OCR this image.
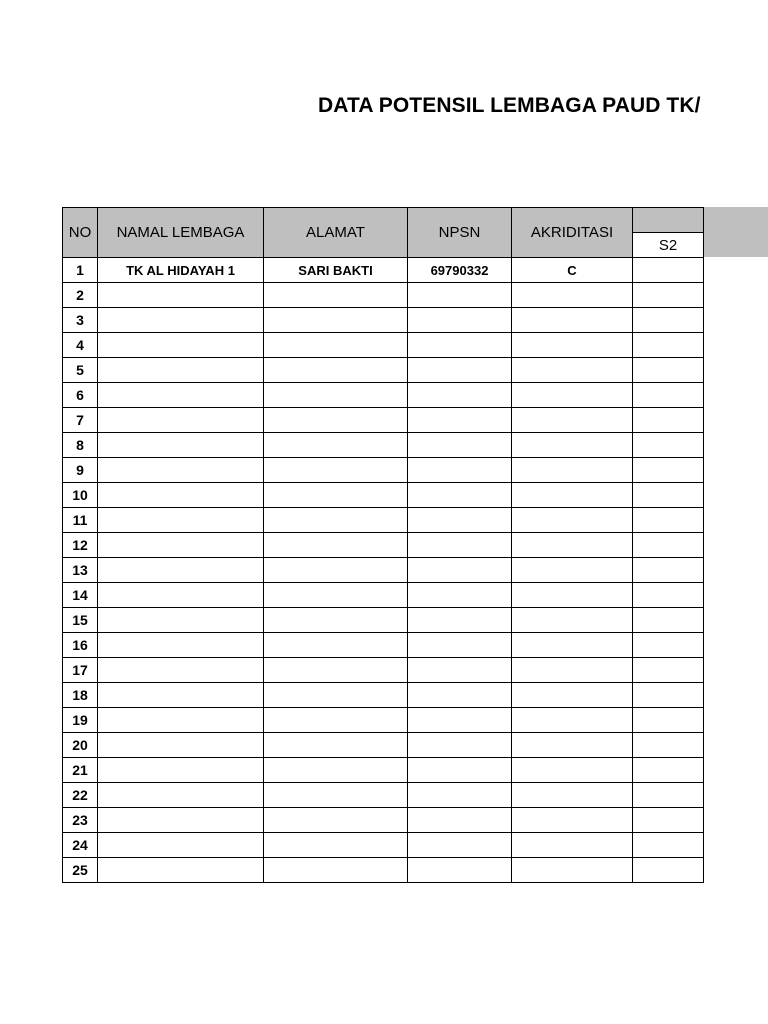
DATA POTENSIL LEMBAGA PAUD TK/
NO	NAMAL LEMBAGA	ALAMAT	NPSN	AKRIDITASI	
					S2
1	TK AL HIDAYAH 1	SARI BAKTI	69790332	C	
2					
3					
4					
5					
6					
7					
8					
9					
10					
11					
12					
13					
14					
15					
16					
17					
18					
19					
20					
21					
22					
23					
24					
25					
